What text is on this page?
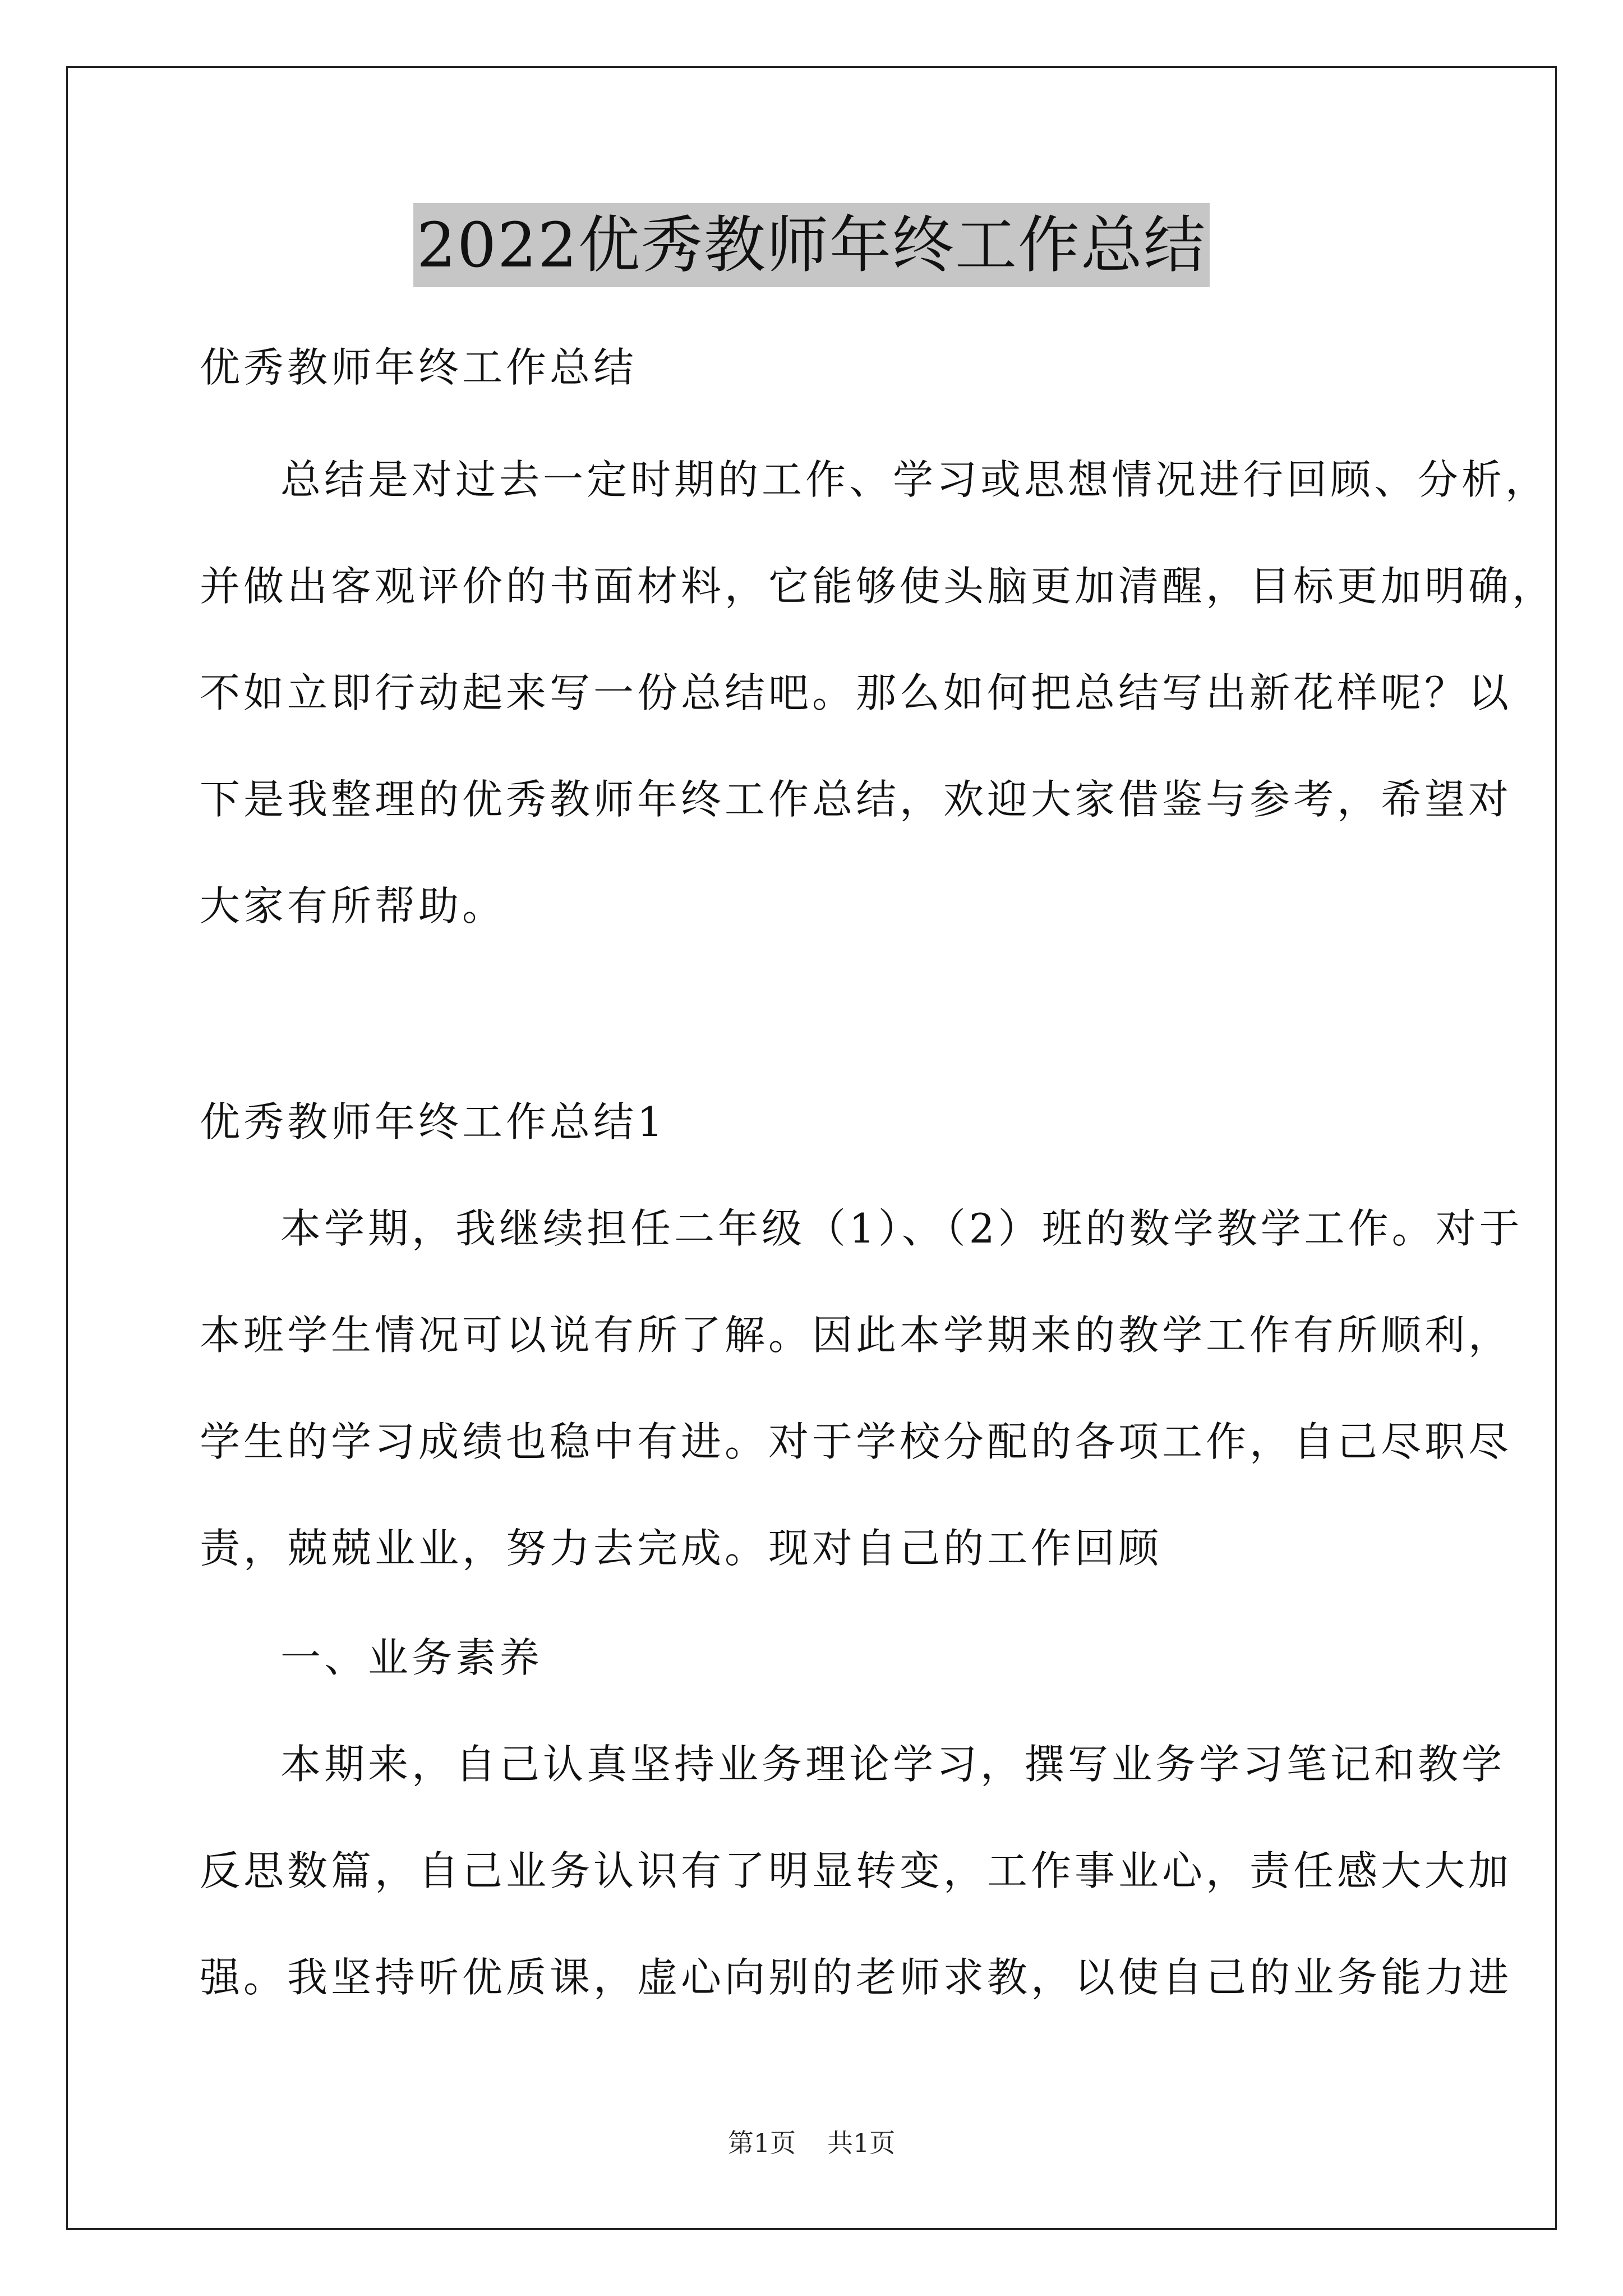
2022优秀教师年终工作总结
优秀教师年终工作总结
总结是对过去一定时期的工作、学习或思想情况进行回顾、分析，
并做出客观评价的书面材料，它能够使头脑更加清醒，目标更加明确，
不如立即行动起来写一份总结吧。那么如何把总结写出新花样呢？以
下是我整理的优秀教师年终工作总结，欢迎大家借鉴与参考，希望对
大家有所帮助。
优秀教师年终工作总结1
本学期，我继续担任二年级（1）、（2）班的数学教学工作。对于
本班学生情况可以说有所了解。因此本学期来的教学工作有所顺利，
学生的学习成绩也稳中有进。对于学校分配的各项工作，自己尽职尽
责，兢兢业业，努力去完成。现对自己的工作回顾
一、业务素养
本期来，自己认真坚持业务理论学习，撰写业务学习笔记和教学
反思数篇，自己业务认识有了明显转变，工作事业心，责任感大大加
强。我坚持听优质课，虚心向别的老师求教，以使自己的业务能力进
第1页 共1页
